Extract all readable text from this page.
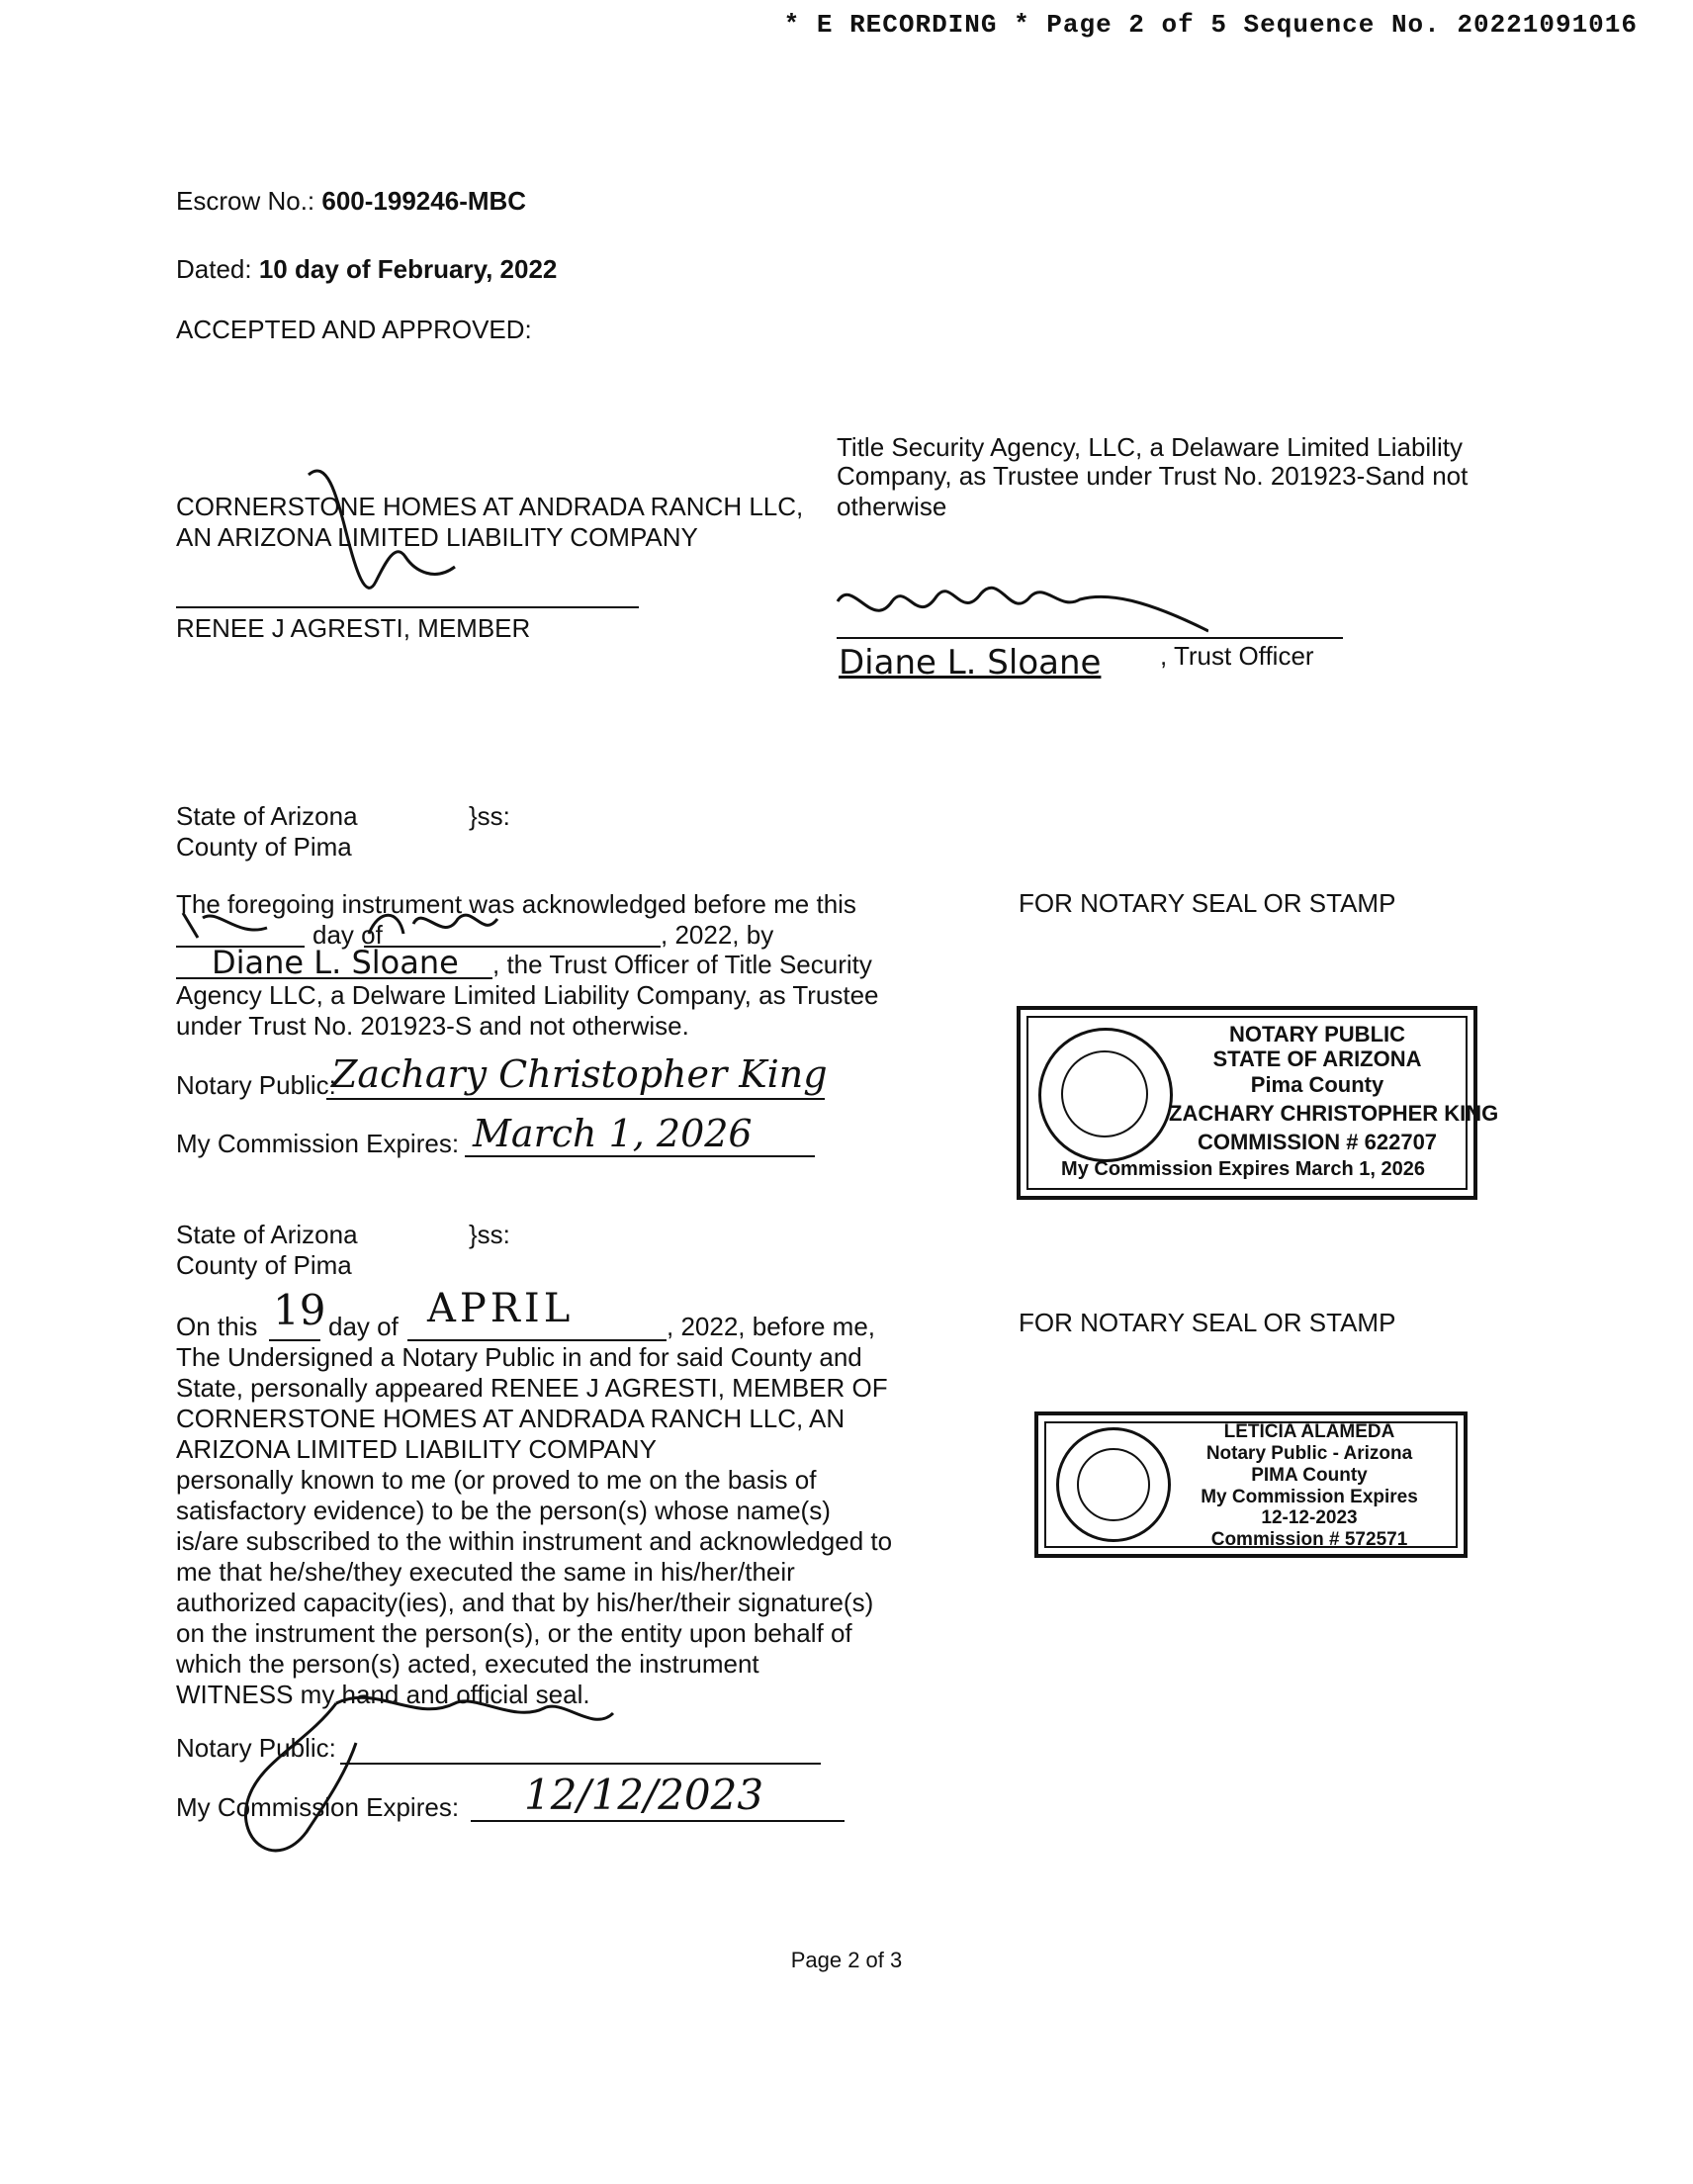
* E RECORDING * Page 2 of 5 Sequence No. 20221091016
Escrow No.: 600-199246-MBC
Dated: 10 day of February, 2022
ACCEPTED AND APPROVED:
CORNERSTONE HOMES AT ANDRADA RANCH LLC,
AN ARIZONA LIMITED LIABILITY COMPANY
RENEE J AGRESTI, MEMBER
Title Security Agency, LLC, a Delaware Limited Liability
Company, as Trustee under Trust No. 201923-Sand not
otherwise
Diane L. Sloane , Trust Officer
State of Arizona	}ss:
County of Pima
The foregoing instrument was acknowledged before me this
day of	, 2022, by
Diane L. Sloane , the Trust Officer of Title Security
Agency LLC, a Delware Limited Liability Company, as Trustee
under Trust No. 201923-S and not otherwise.
Notary Public:
Zachary Christopher King
My Commission Expires: March 1, 2026
FOR NOTARY SEAL OR STAMP
NOTARY PUBLIC
STATE OF ARIZONA
Pima County
ZACHARY CHRISTOPHER KING
COMMISSION # 622707
My Commission Expires March 1, 2026
State of Arizona	}ss:
County of Pima
On this 19 day of APRIL	, 2022, before me,
The Undersigned a Notary Public in and for said County and
State, personally appeared RENEE J AGRESTI, MEMBER OF
CORNERSTONE HOMES AT ANDRADA RANCH LLC, AN
ARIZONA LIMITED LIABILITY COMPANY
personally known to me (or proved to me on the basis of
satisfactory evidence) to be the person(s) whose name(s)
is/are subscribed to the within instrument and acknowledged to
me that he/she/they executed the same in his/her/their
authorized capacity(ies), and that by his/her/their signature(s)
on the instrument the person(s), or the entity upon behalf of
which the person(s) acted, executed the instrument
WITNESS my hand and official seal.
Notary Public:
My Commission Expires: 12/12/2023
FOR NOTARY SEAL OR STAMP
LETICIA ALAMEDA
Notary Public - Arizona
PIMA County
My Commission Expires
12-12-2023
Commission # 572571
Page 2 of 3
